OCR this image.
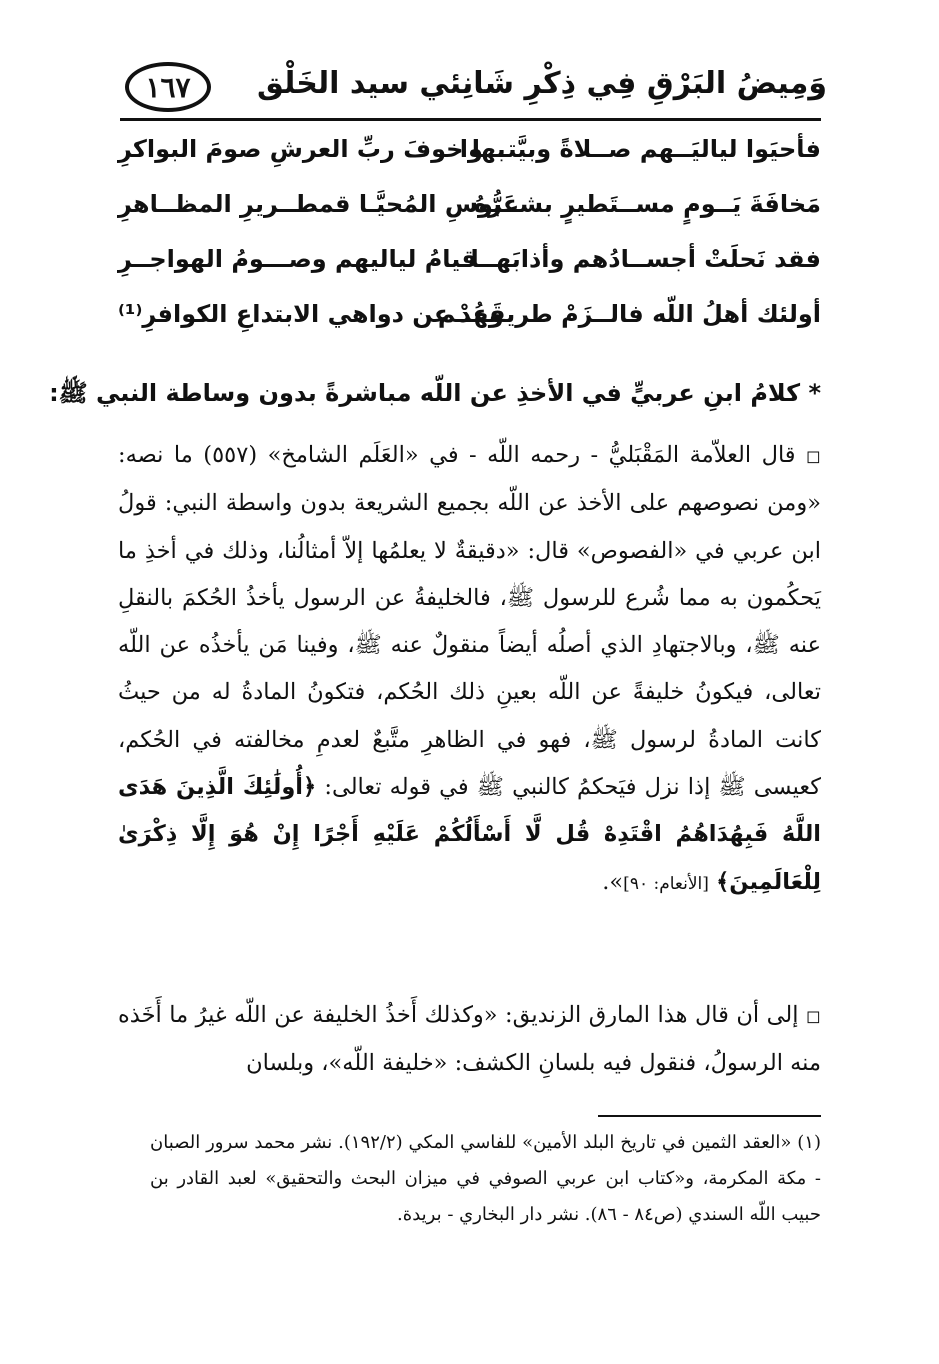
وَمِيضُ البَرْقِ فِي ذِكْرِ شَانِئي سيد الخَلْق
١٦٧
فأحيَوا لياليَــهم صــلاةً وبيَّتـــوا
بها خوفَ ربِّ العرشِ صومَ البواكرِ
مَخافَةَ يَــومٍ مســتَطيرٍ بشــرُّهُ
عَبوسِ المُحيَّـا قمطــريرِ المظــاهرِ
فقد نَحلَتْ أجســادُهم وأذابَهــا
قيامُ لياليهم وصـــومُ الهواجــرِ
أولئك أهلُ اللّه فالــزَمْ طريقَهــم
وعُدْ عن دواهي الابتداعِ الكوافرِ⁽¹⁾
* كلامُ ابنِ عربيٍّ في الأخذِ عن اللّه مباشرةً بدون وساطة النبي ﷺ:
◻ قال العلاّمة المَقْبَليُّ - رحمه اللّه - في «العَلَم الشامخ» (٥٥٧) ما نصه: «ومن نصوصهم على الأخذ عن اللّه بجميع الشريعة بدون واسطة النبي: قولُ ابن عربي في «الفصوص» قال: «دقيقةٌ لا يعلمُها إلاّ أمثالُنا، وذلك في أخذِ ما يَحكُمون به مما شُرع للرسول ﷺ، فالخليفةُ عن الرسول يأخذُ الحُكمَ بالنقلِ عنه ﷺ، وبالاجتهادِ الذي أصلُه أيضاً منقولٌ عنه ﷺ، وفينا مَن يأخذُه عن اللّه تعالى، فيكونُ خليفةً عن اللّه بعينِ ذلك الحُكم، فتكونُ المادةُ له من حيثُ كانت المادةُ لرسول ﷺ، فهو في الظاهرِ متَّبعٌ لعدمِ مخالفته في الحُكم، كعيسى ﷺ إذا نزل فيَحكمُ كالنبي ﷺ في قوله تعالى: ﴿أُولَٰئِكَ الَّذِينَ هَدَى اللَّهُ فَبِهُدَاهُمُ اقْتَدِهْ قُل لَّا أَسْأَلُكُمْ عَلَيْهِ أَجْرًا إِنْ هُوَ إِلَّا ذِكْرَىٰ لِلْعَالَمِينَ﴾ [الأنعام: ٩٠]».
◻ إلى أن قال هذا المارق الزنديق: «وكذلك أَخذُ الخليفة عن اللّه غيرُ ما أَخَذه منه الرسولُ، فنقول فيه بلسانِ الكشف: «خليفة اللّه»، وبلسان
(١) «العقد الثمين في تاريخ البلد الأمين» للفاسي المكي (١٩٢/٢). نشر محمد سرور الصبان - مكة المكرمة، و«كتاب ابن عربي الصوفي في ميزان البحث والتحقيق» لعبد القادر بن حبيب اللّه السندي (ص٨٤ - ٨٦). نشر دار البخاري - بريدة.
